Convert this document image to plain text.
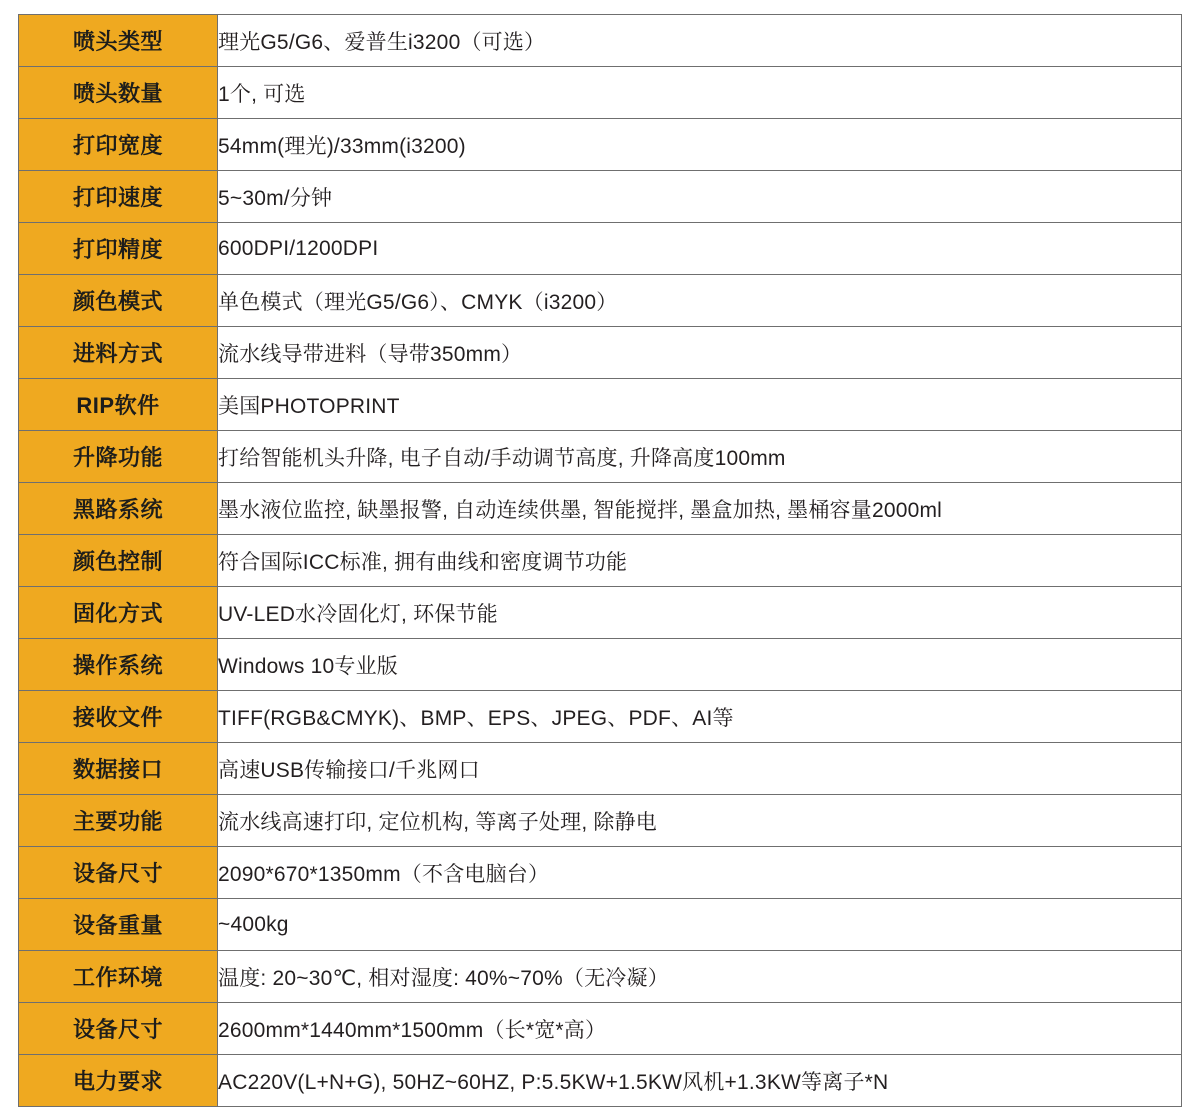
喷头类型	理光G5/G6、爱普生i3200（可选）
喷头数量	1个, 可选
打印宽度	54mm(理光)/33mm(i3200)
打印速度	5~30m/分钟
打印精度	600DPI/1200DPI
颜色模式	单色模式（理光G5/G6）、CMYK（i3200）
进料方式	流水线导带进料（导带350mm）
RIP软件	美国PHOTOPRINT
升降功能	打给智能机头升降, 电子自动/手动调节高度, 升降高度100mm
黑路系统	墨水液位监控, 缺墨报警, 自动连续供墨, 智能搅拌, 墨盒加热, 墨桶容量2000ml
颜色控制	符合国际ICC标准, 拥有曲线和密度调节功能
固化方式	UV-LED水冷固化灯, 环保节能
操作系统	Windows 10专业版
接收文件	TIFF(RGB&CMYK)、BMP、EPS、JPEG、PDF、AI等
数据接口	高速USB传输接口/千兆网口
主要功能	流水线高速打印, 定位机构, 等离子处理, 除静电
设备尺寸	2090*670*1350mm（不含电脑台）
设备重量	~400kg
工作环境	温度: 20~30℃, 相对湿度: 40%~70%（无冷凝）
设备尺寸	2600mm*1440mm*1500mm（长*宽*高）
电力要求	AC220V(L+N+G), 50HZ~60HZ, P:5.5KW+1.5KW风机+1.3KW等离子*N
